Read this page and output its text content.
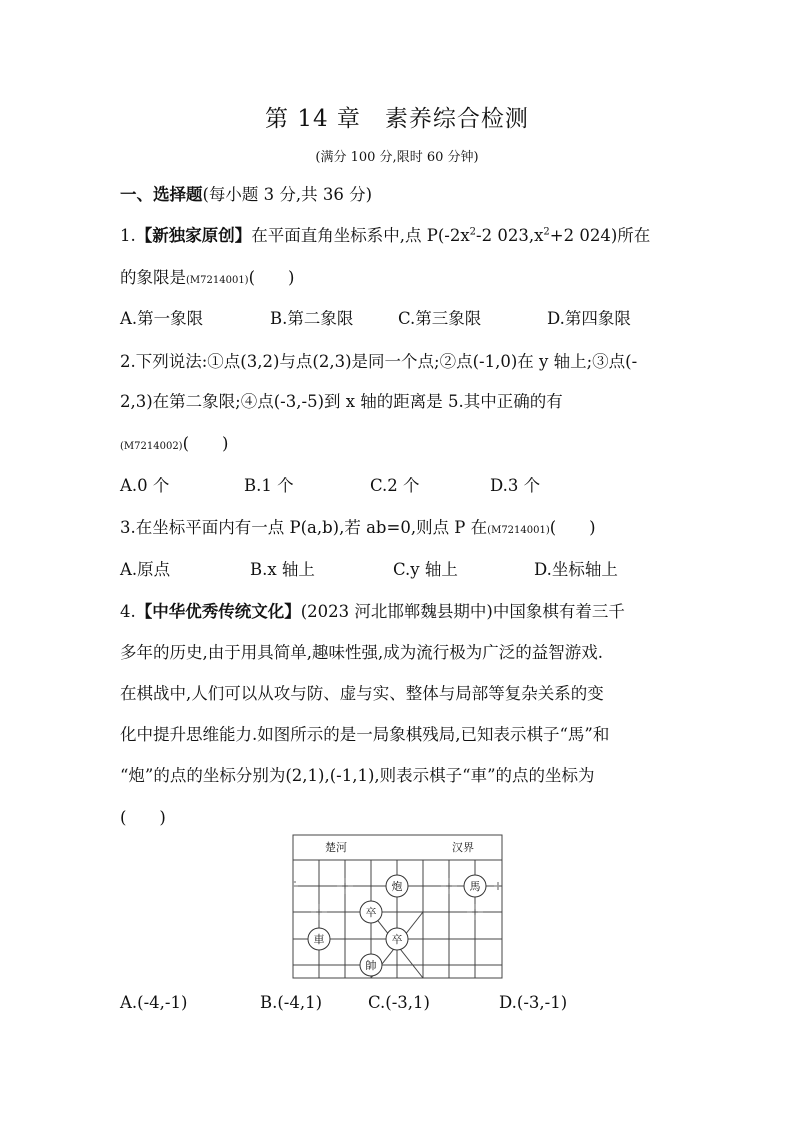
第 14 章　素养综合检测
(满分 100 分,限时 60 分钟)
一、选择题(每小题 3 分,共 36 分)
1.【新独家原创】在平面直角坐标系中,点 $P(-2x^2-2$ $023,x^2+2$ 024)所在
的象限是(M7214001)(　　)
A.第一象限	B.第二象限	C.第三象限	D.第四象限
2.下列说法:①点(3,2)与点(2,3)是同一个点;②点(-1,0)在 y 轴上;③点(-
2,3)在第二象限;④点(-3,-5)到 x 轴的距离是 5.其中正确的有
(M7214002)(　　)
A.0 个	B.1 个	C.2 个	D.3 个
3.在坐标平面内有一点 P(a,b),若 ab=0,则点 P 在(M7214001)(　　)
A.原点	B.x 轴上	C.y 轴上	D.坐标轴上
4.【中华优秀传统文化】(2023 河北邯郸魏县期中)中国象棋有着三千
多年的历史,由于用具简单,趣味性强,成为流行极为广泛的益智游戏.
在棋战中,人们可以从攻与防、虚与实、整体与局部等复杂关系的变
化中提升思维能力.如图所示的是一局象棋残局,已知表示棋子“馬”和
“炮”的点的坐标分别为(2,1),(-1,1),则表示棋子“車”的点的坐标为
(　　)
楚河	汉界
炮	馬
卒
車	卒
帥
A.(-4,-1)	B.(-4,1)	C.(-3,1)	D.(-3,-1)
